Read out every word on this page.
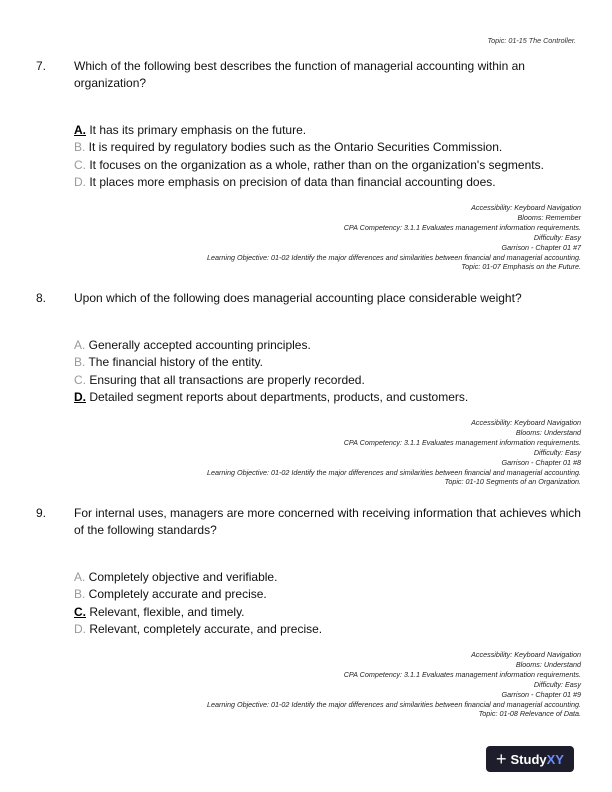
Topic: 01-15 The Controller.
7.	Which of the following best describes the function of managerial accounting within an organization?
A. It has its primary emphasis on the future.
B. It is required by regulatory bodies such as the Ontario Securities Commission.
C. It focuses on the organization as a whole, rather than on the organization's segments.
D. It places more emphasis on precision of data than financial accounting does.
Accessibility: Keyboard Navigation
Blooms: Remember
CPA Competency: 3.1.1 Evaluates management information requirements.
Difficulty: Easy
Garrison - Chapter 01 #7
Learning Objective: 01-02 Identify the major differences and similarities between financial and managerial accounting.
Topic: 01-07 Emphasis on the Future.
8.	Upon which of the following does managerial accounting place considerable weight?
A. Generally accepted accounting principles.
B. The financial history of the entity.
C. Ensuring that all transactions are properly recorded.
D. Detailed segment reports about departments, products, and customers.
Accessibility: Keyboard Navigation
Blooms: Understand
CPA Competency: 3.1.1 Evaluates management information requirements.
Difficulty: Easy
Garrison - Chapter 01 #8
Learning Objective: 01-02 Identify the major differences and similarities between financial and managerial accounting.
Topic: 01-10 Segments of an Organization.
9.	For internal uses, managers are more concerned with receiving information that achieves which of the following standards?
A. Completely objective and verifiable.
B. Completely accurate and precise.
C. Relevant, flexible, and timely.
D. Relevant, completely accurate, and precise.
Accessibility: Keyboard Navigation
Blooms: Understand
CPA Competency: 3.1.1 Evaluates management information requirements.
Difficulty: Easy
Garrison - Chapter 01 #9
Learning Objective: 01-02 Identify the major differences and similarities between financial and managerial accounting.
Topic: 01-08 Relevance of Data.
+ StudyXY
